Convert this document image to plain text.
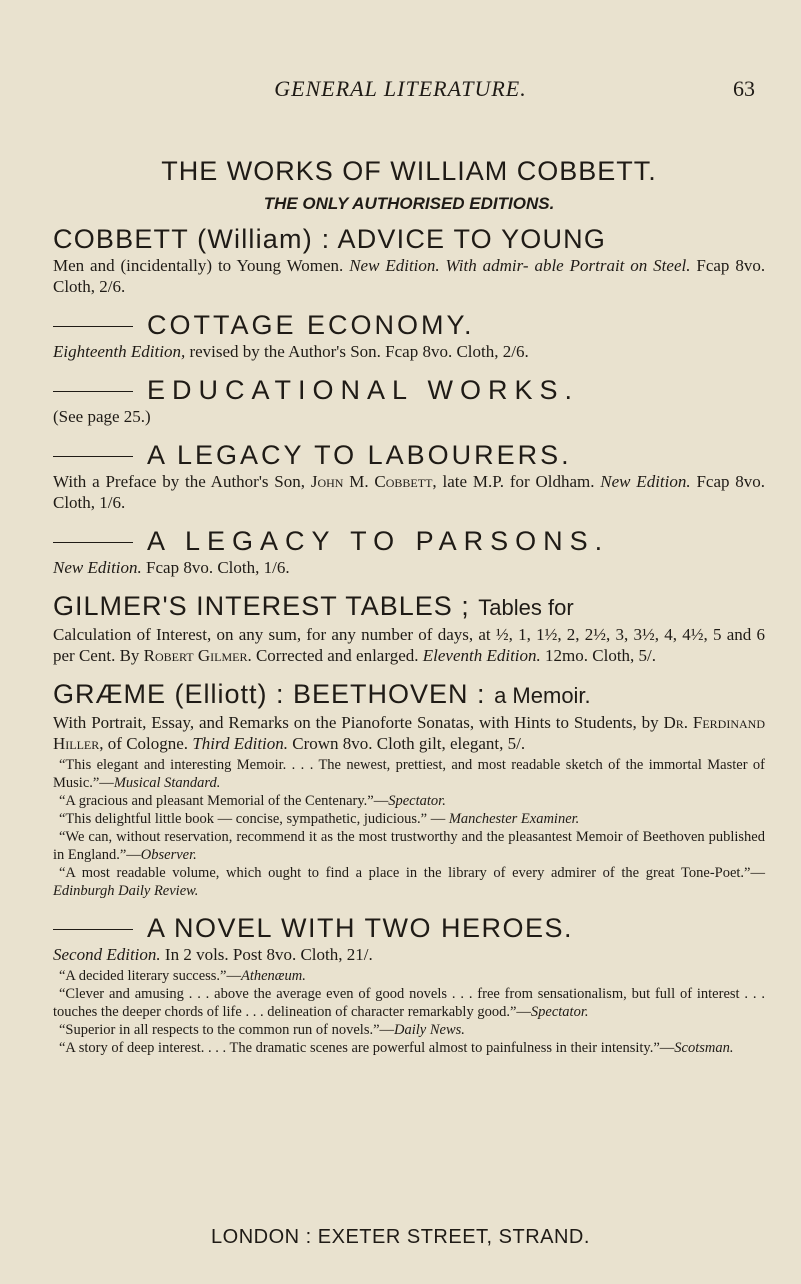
GENERAL LITERATURE.	63
THE WORKS OF WILLIAM COBBETT.
THE ONLY AUTHORISED EDITIONS.
COBBETT (William) : ADVICE TO YOUNG
Men and (incidentally) to Young Women. New Edition. With admir- able Portrait on Steel. Fcap 8vo. Cloth, 2/6.
COTTAGE ECONOMY.
Eighteenth Edition, revised by the Author's Son. Fcap 8vo. Cloth, 2/6.
EDUCATIONAL WORKS.
(See page 25.)
A LEGACY TO LABOURERS.
With a Preface by the Author's Son, John M. Cobbett, late M.P. for Oldham. New Edition. Fcap 8vo. Cloth, 1/6.
A LEGACY TO PARSONS.
New Edition. Fcap 8vo. Cloth, 1/6.
GILMER'S INTEREST TABLES ; Tables for
Calculation of Interest, on any sum, for any number of days, at ½, 1, 1½, 2, 2½, 3, 3½, 4, 4½, 5 and 6 per Cent. By Robert Gilmer. Corrected and enlarged. Eleventh Edition. 12mo. Cloth, 5/.
GRÆME (Elliott) : BEETHOVEN : a Memoir.
With Portrait, Essay, and Remarks on the Pianoforte Sonatas, with Hints to Students, by Dr. Ferdinand Hiller, of Cologne. Third Edition. Crown 8vo. Cloth gilt, elegant, 5/.

“This elegant and interesting Memoir. . . . The newest, prettiest, and most readable sketch of the immortal Master of Music.”—Musical Standard.

“A gracious and pleasant Memorial of the Centenary.”—Spectator.

“This delightful little book — concise, sympathetic, judicious.” — Manchester Examiner.

“We can, without reservation, recommend it as the most trustworthy and the pleasantest Memoir of Beethoven published in England.”—Observer.

“A most readable volume, which ought to find a place in the library of every admirer of the great Tone-Poet.”—Edinburgh Daily Review.

A NOVEL WITH TWO HEROES.
Second Edition. In 2 vols. Post 8vo. Cloth, 21/.

“A decided literary success.”—Athenæum.

“Clever and amusing . . . above the average even of good novels . . . free from sensationalism, but full of interest . . . touches the deeper chords of life . . . delineation of character remarkably good.”—Spectator.

“Superior in all respects to the common run of novels.”—Daily News.

“A story of deep interest. . . . The dramatic scenes are powerful almost to painfulness in their intensity.”—Scotsman.

LONDON : EXETER STREET, STRAND.
